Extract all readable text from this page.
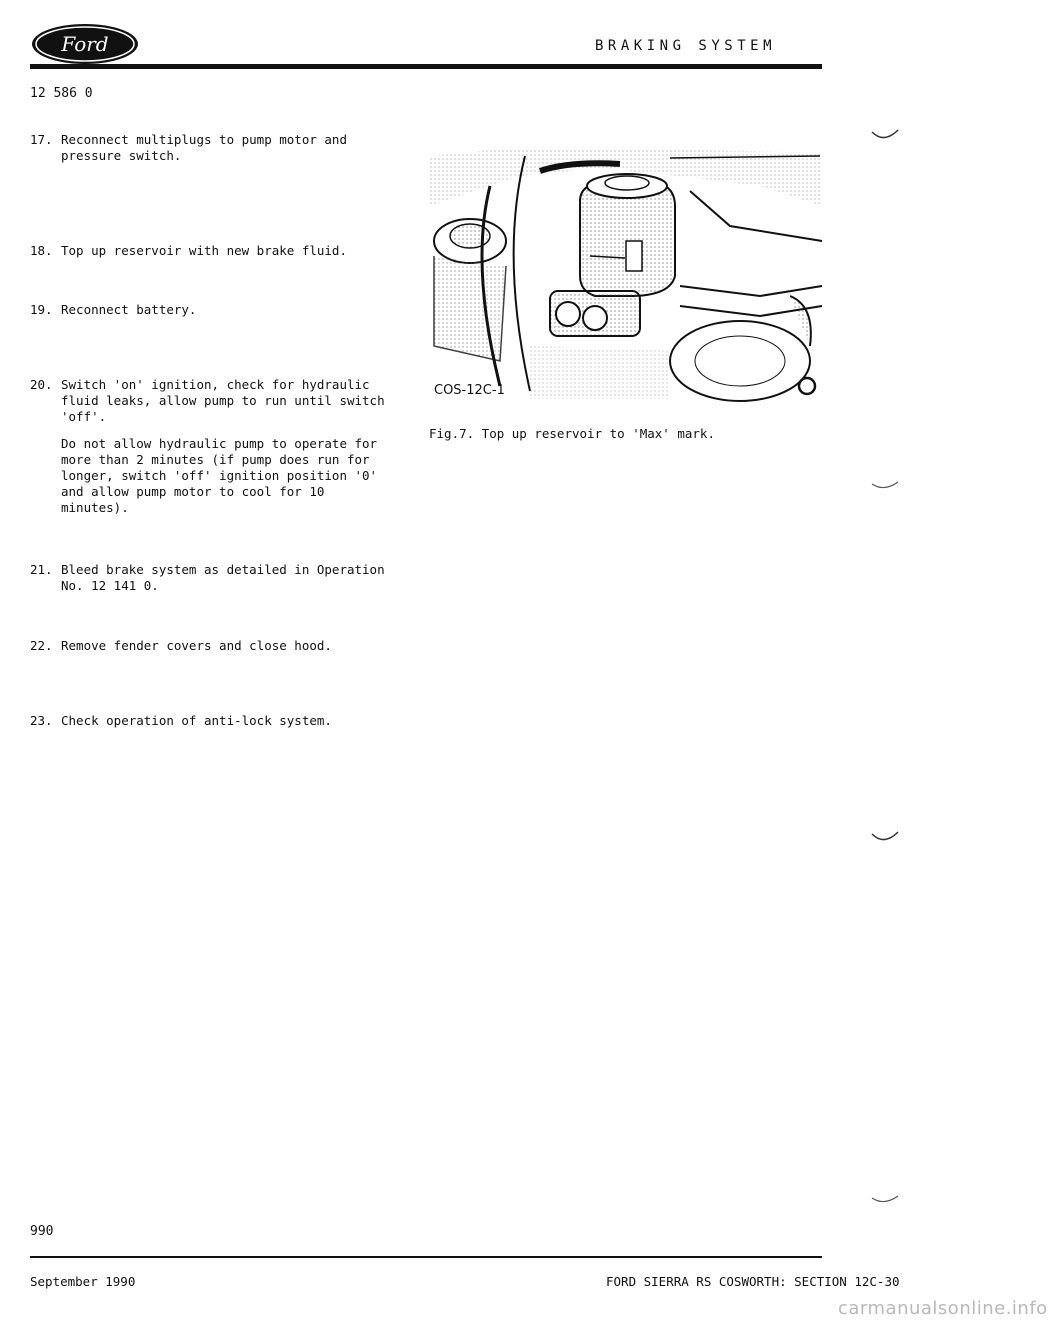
Ford	BRAKING SYSTEM
12 586 0
17. Reconnect multiplugs to pump motor and
pressure switch.
18. Top up reservoir with new brake fluid.
19. Reconnect battery.
20. Switch 'on' ignition, check for hydraulic
fluid leaks, allow pump to run until switch
'off'.
Do not allow hydraulic pump to operate for
more than 2 minutes (if pump does run for
longer, switch 'off' ignition position '0'
and allow pump motor to cool for 10
minutes).
21. Bleed brake system as detailed in Operation
No. 12 141 0.
22. Remove fender covers and close hood.
23. Check operation of anti-lock system.
COS-12C-1
Fig.7. Top up reservoir to 'Max' mark.
990
September 1990	FORD SIERRA RS COSWORTH: SECTION 12C-30
carmanualsonline.info
